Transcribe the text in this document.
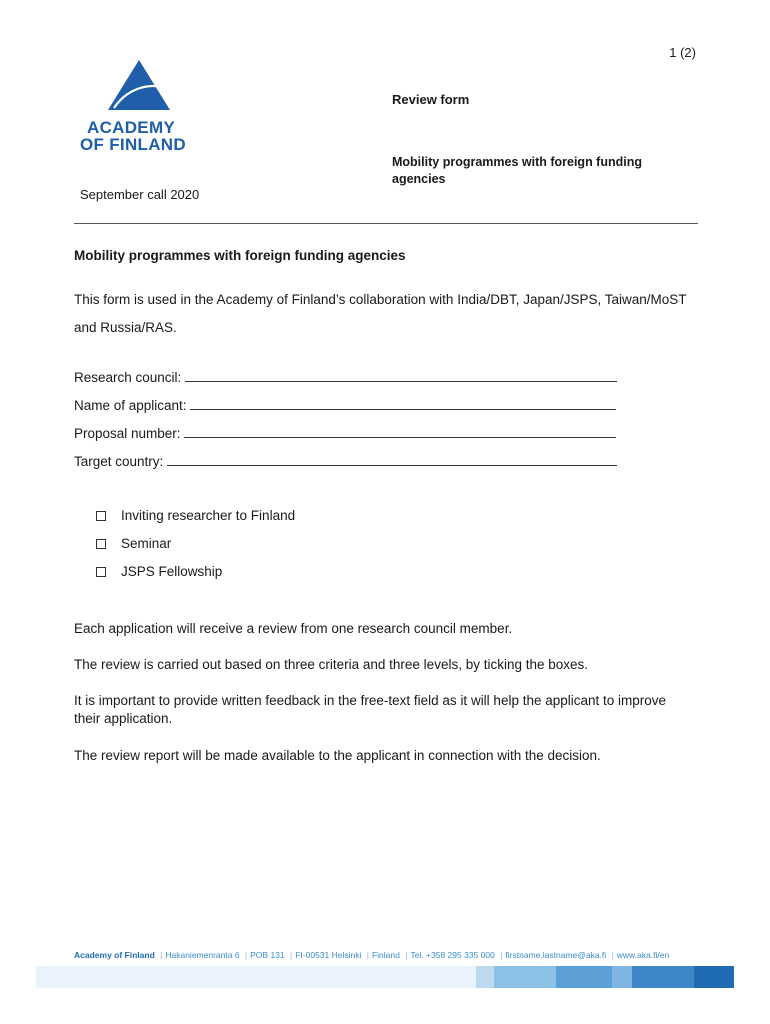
1 (2)
ACADEMY
OF FINLAND
Review form
Mobility programmes with foreign funding agencies
September call 2020
Mobility programmes with foreign funding agencies
This form is used in the Academy of Finland’s collaboration with India/DBT, Japan/JSPS, Taiwan/MoST and Russia/RAS.
Research council:
Name of applicant:
Proposal number:
Target country:
Inviting researcher to Finland
Seminar
JSPS Fellowship
Each application will receive a review from one research council member.
The review is carried out based on three criteria and three levels, by ticking the boxes.
It is important to provide written feedback in the free-text field as it will help the applicant to improve their application.
The review report will be made available to the applicant in connection with the decision.
Academy of Finland | Hakaniemenranta 6 | POB 131 | FI-00531 Helsinki | Finland | Tel. +358 295 335 000 | firstname.lastname@aka.fi | www.aka.fi/en
